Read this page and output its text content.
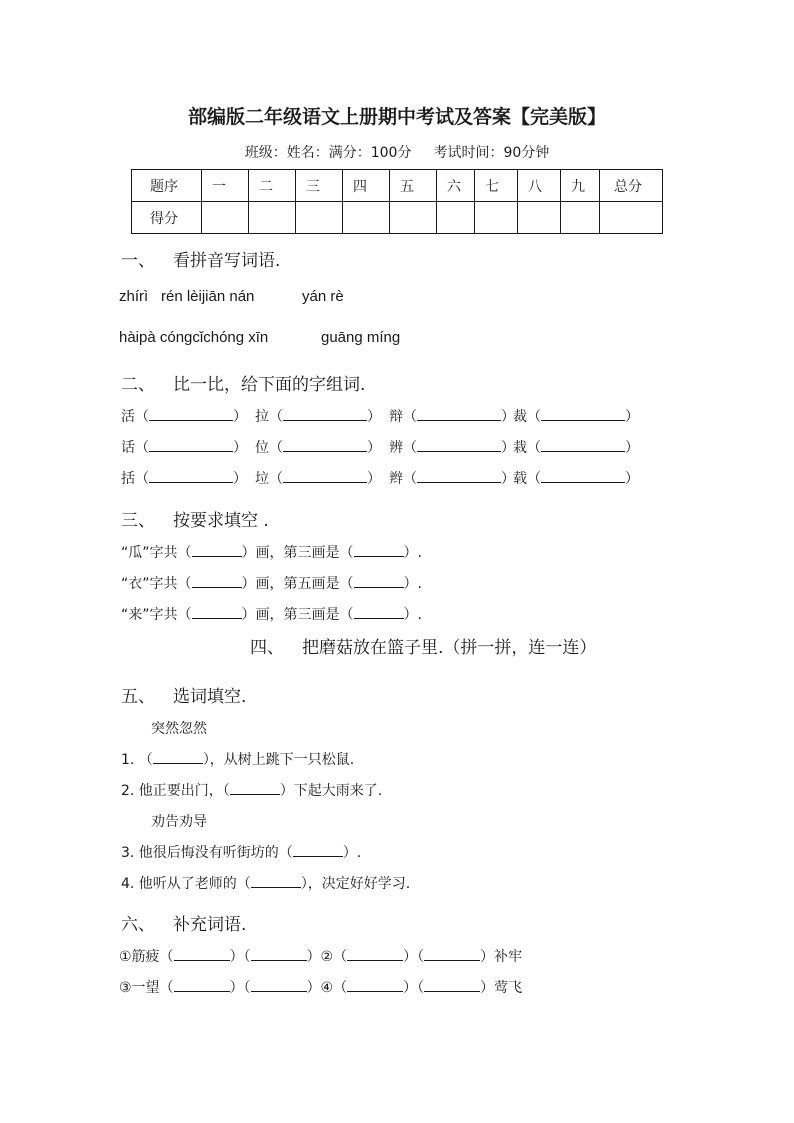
部编版二年级语文上册期中考试及答案【完美版】
班级：姓名：满分：100分 考试时间：90分钟
题序	一	二	三	四	五	六	七	八	九	总分
得分										
一、 看拼音写词语.
zhírì rén lèijiān nán	yán rè
hàipà cóngcǐchóng xīn	guāng míng
二、 比一比，给下面的字组词.
活（	） 拉（	） 辩（	）裁（	）
话（	） 位（	） 辨（	）栽（	）
括（	） 垃（	） 辫（	）载（	）
三、 按要求填空 .
“瓜”字共（	）画，第三画是（	）.
“衣”字共（	）画，第五画是（	）.
“来”字共（	）画，第三画是（	）.
四、 把磨菇放在篮子里.（拼一拼，连一连）
五、 选词填空.
突然忽然
1. （	），从树上跳下一只松鼠.
2. 他正要出门，（	）下起大雨来了.
劝告劝导
3. 他很后悔没有听街坊的（	）.
4. 他听从了老师的（	），决定好好学习.
六、 补充词语.
①筋疲（	）（	）②（	）（	）补牢
③一望（	）（	）④（	）（	）莺飞
